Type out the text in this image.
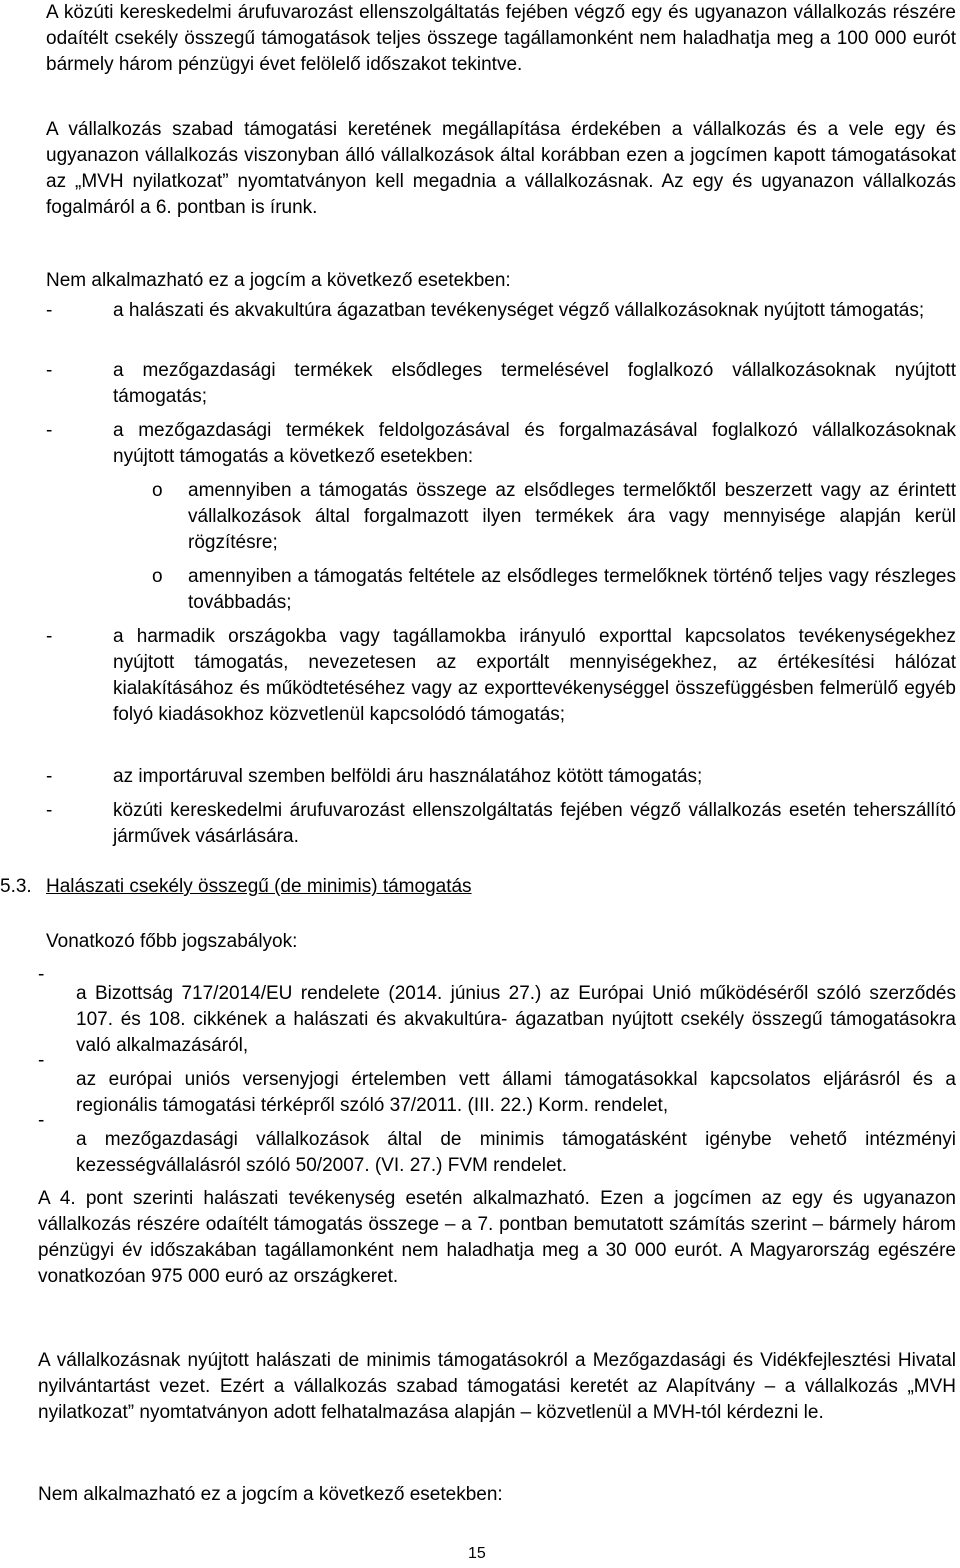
A közúti kereskedelmi árufuvarozást ellenszolgáltatás fejében végző egy és ugyanazon vállalkozás részére odaítélt csekély összegű támogatások teljes összege tagállamonként nem haladhatja meg a 100 000 eurót bármely három pénzügyi évet felölelő időszakot tekintve.

A vállalkozás szabad támogatási keretének megállapítása érdekében a vállalkozás és a vele egy és ugyanazon vállalkozás viszonyban álló vállalkozások által korábban ezen a jogcímen kapott támogatásokat az „MVH nyilatkozat” nyomtatványon kell megadnia a vállalkozásnak. Az egy és ugyanazon vállalkozás fogalmáról a 6. pontban is írunk.

Nem alkalmazható ez a jogcím a következő esetekben:

-	a halászati és akvakultúra ágazatban tevékenységet végző vállalkozásoknak nyújtott támogatás;

-	a mezőgazdasági termékek elsődleges termelésével foglalkozó vállalkozásoknak nyújtott támogatás;

-	a mezőgazdasági termékek feldolgozásával és forgalmazásával foglalkozó vállalkozásoknak nyújtott támogatás a következő esetekben:

o amennyiben a támogatás összege az elsődleges termelőktől beszerzett vagy az érintett vállalkozások által forgalmazott ilyen termékek ára vagy mennyisége alapján kerül rögzítésre;

o amennyiben a támogatás feltétele az elsődleges termelőknek történő teljes vagy részleges továbbadás;

-	a harmadik országokba vagy tagállamokba irányuló exporttal kapcsolatos tevékenységekhez nyújtott támogatás, nevezetesen az exportált mennyiségekhez, az értékesítési hálózat kialakításához és működtetéséhez vagy az exporttevékenységgel összefüggésben felmerülő egyéb folyó kiadásokhoz közvetlenül kapcsolódó támogatás;

-	az importáruval szemben belföldi áru használatához kötött támogatás;

-	közúti kereskedelmi árufuvarozást ellenszolgáltatás fejében végző vállalkozás esetén teherszállító járművek vásárlására.

5.3. Halászati csekély összegű (de minimis) támogatás

Vonatkozó főbb jogszabályok:

-

a Bizottság 717/2014/EU rendelete (2014. június 27.) az Európai Unió működéséről szóló szerződés 107. és 108. cikkének a halászati és akvakultúra- ágazatban nyújtott csekély összegű támogatásokra való alkalmazásáról,

-

az európai uniós versenyjogi értelemben vett állami támogatásokkal kapcsolatos eljárásról és a regionális támogatási térképről szóló 37/2011. (III. 22.) Korm. rendelet,

-

a mezőgazdasági vállalkozások által de minimis támogatásként igénybe vehető intézményi kezességvállalásról szóló 50/2007. (VI. 27.) FVM rendelet.

A 4. pont szerinti halászati tevékenység esetén alkalmazható. Ezen a jogcímen az egy és ugyanazon vállalkozás részére odaítélt támogatás összege – a 7. pontban bemutatott számítás szerint – bármely három pénzügyi év időszakában tagállamonként nem haladhatja meg a 30 000 eurót. A Magyarország egészére vonatkozóan 975 000 euró az országkeret.

A vállalkozásnak nyújtott halászati de minimis támogatásokról a Mezőgazdasági és Vidékfejlesztési Hivatal nyilvántartást vezet. Ezért a vállalkozás szabad támogatási keretét az Alapítvány – a vállalkozás „MVH nyilatkozat” nyomtatványon adott felhatalmazása alapján – közvetlenül a MVH-tól kérdezni le.

Nem alkalmazható ez a jogcím a következő esetekben:

15
